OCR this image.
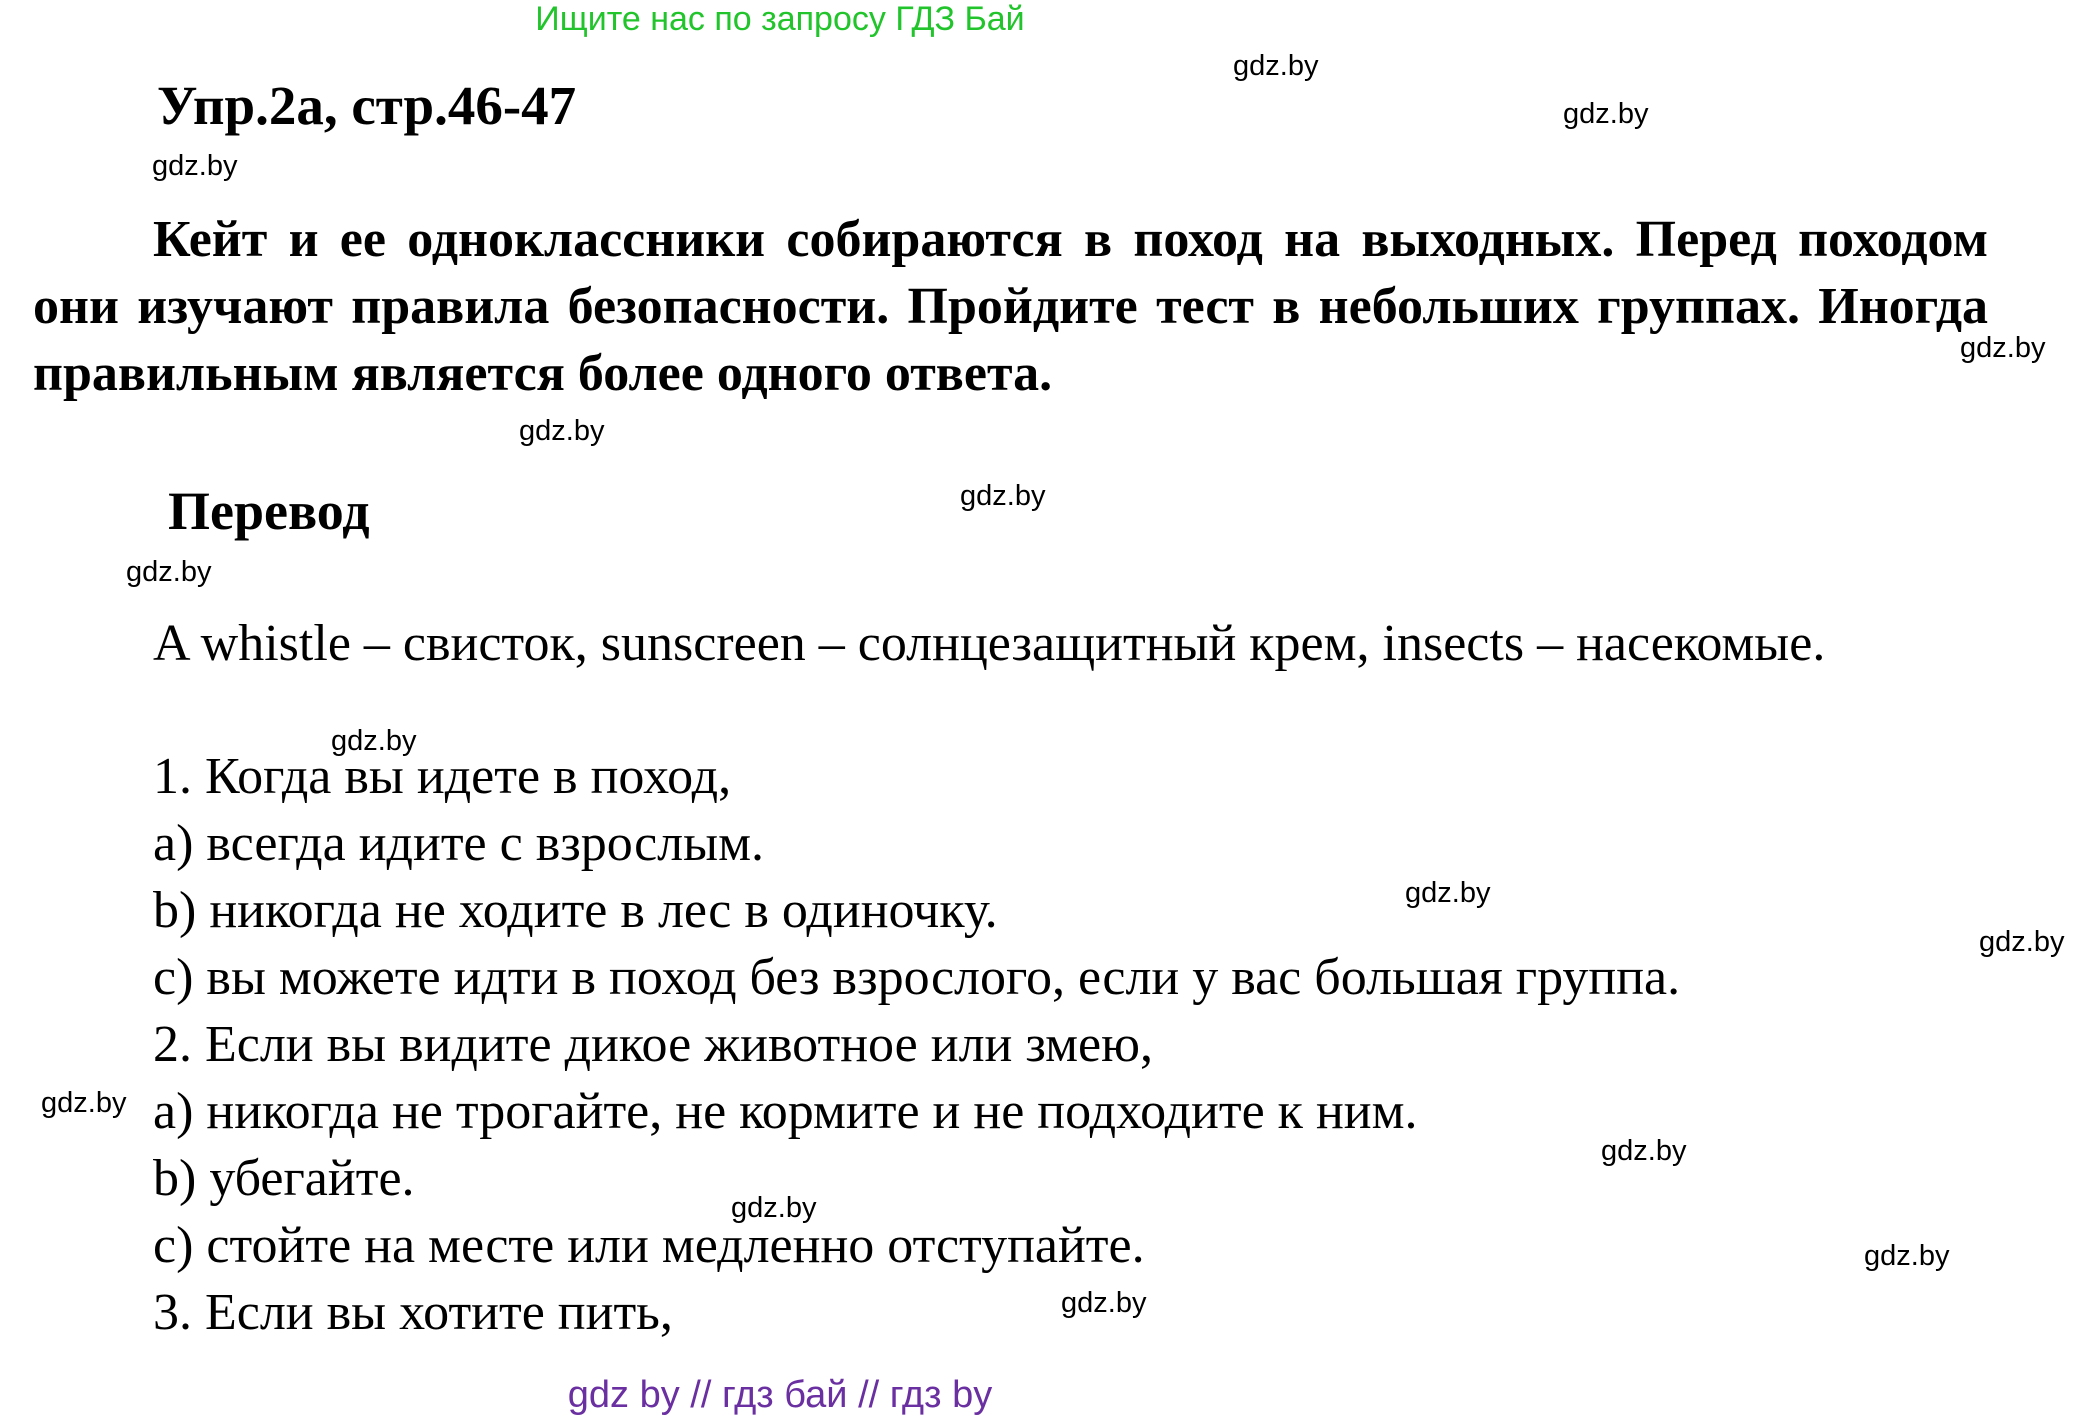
Ищите нас по запросу ГДЗ Бай
Упр.2а, стр.46-47
Кейт и ее одноклассники собираются в поход на выходных. Перед походом они изучают правила безопасности. Пройдите тест в небольших группах. Иногда правильным является более одного ответа.
Перевод
A whistle – свисток, sunscreen – солнцезащитный крем, insects – насекомые.
1. Когда вы идете в поход,
a) всегда идите с взрослым.
b) никогда не ходите в лес в одиночку.
c) вы можете идти в поход без взрослого, если у вас большая группа.
2. Если вы видите дикое животное или змею,
a) никогда не трогайте, не кормите и не подходите к ним.
b) убегайте.
c) стойте на месте или медленно отступайте.
3. Если вы хотите пить,
gdz.by
gdz.by
gdz.by
gdz.by
gdz.by
gdz.by
gdz.by
gdz.by
gdz.by
gdz.by
gdz.by
gdz.by
gdz.by
gdz.by
gdz.by
gdz by // гдз бай // гдз by
